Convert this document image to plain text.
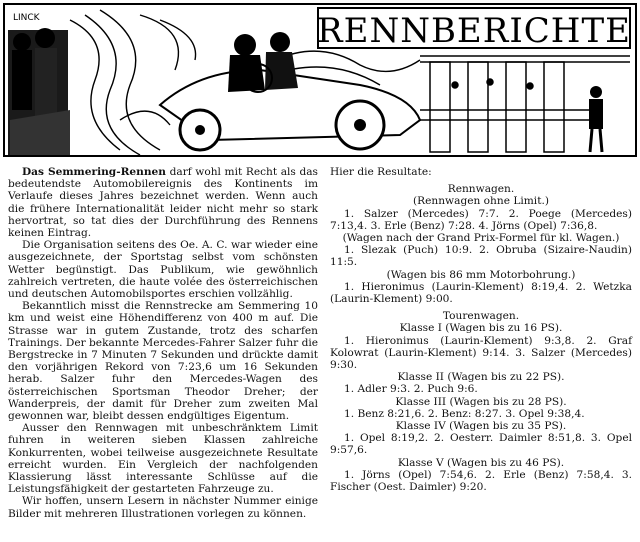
RENNBERICHTE
LINCK

Das Semmering-Rennen darf wohl mit Recht als das bedeutendste Automobilereignis des Kontinents im Verlaufe dieses Jahres bezeichnet werden. Wenn auch die frühere Internationalität leider nicht mehr so stark hervortrat, so tat dies der Durchführung des Rennens keinen Eintrag.

Die Organisation seitens des Oe. A. C. war wieder eine ausgezeichnete, der Sportstag selbst vom schönsten Wetter begünstigt. Das Publikum, wie gewöhnlich zahlreich vertreten, die haute volée des österreichischen und deutschen Automobilsportes erschien vollzählig.

Bekanntlich misst die Rennstrecke am Semmering 10 km und weist eine Höhendifferenz von 400 m auf. Die Strasse war in gutem Zustande, trotz des scharfen Trainings. Der bekannte Mercedes-Fahrer Salzer fuhr die Bergstrecke in 7 Minuten 7 Sekunden und drückte damit den vorjährigen Rekord von 7:23,6 um 16 Sekunden herab. Salzer fuhr den Mercedes-Wagen des österreichischen Sportsman Theodor Dreher; der Wanderpreis, der damit für Dreher zum zweiten Mal gewonnen war, bleibt dessen endgültiges Eigentum.

Ausser den Rennwagen mit unbeschränktem Limit fuhren in weiteren sieben Klassen zahlreiche Konkurrenten, wobei teilweise ausgezeichnete Resultate erreicht wurden. Ein Vergleich der nachfolgenden Klassierung lässt interessante Schlüsse auf die Leistungsfähigkeit der gestarteten Fahrzeuge zu.

Wir hoffen, unsern Lesern in nächster Nummer einige Bilder mit mehreren Illustrationen vorlegen zu können.

Hier die Resultate:
Rennwagen.
(Rennwagen ohne Limit.)
1. Salzer (Mercedes) 7:7. 2. Poege (Mercedes) 7:13,4. 3. Erle (Benz) 7:28. 4. Jörns (Opel) 7:36,8.
(Wagen nach der Grand Prix-Formel für kl. Wagen.)
1. Slezak (Puch) 10:9. 2. Obruba (Sizaire-Naudin) 11:5.
(Wagen bis 86 mm Motorbohrung.)
1. Hieronimus (Laurin-Klement) 8:19,4. 2. Wetzka (Laurin-Klement) 9:00.
Tourenwagen.
Klasse I (Wagen bis zu 16 PS).
1. Hieronimus (Laurin-Klement) 9:3,8. 2. Graf Kolowrat (Laurin-Klement) 9:14. 3. Salzer (Mercedes) 9:30.
Klasse II (Wagen bis zu 22 PS).
1. Adler 9:3. 2. Puch 9:6.
Klasse III (Wagen bis zu 28 PS).
1. Benz 8:21,6. 2. Benz: 8:27. 3. Opel 9:38,4.
Klasse IV (Wagen bis zu 35 PS).
1. Opel 8:19,2. 2. Oesterr. Daimler 8:51,8. 3. Opel 9:57,6.
Klasse V (Wagen bis zu 46 PS).
1. Jörns (Opel) 7:54,6. 2. Erle (Benz) 7:58,4. 3. Fischer (Oest. Daimler) 9:20.
